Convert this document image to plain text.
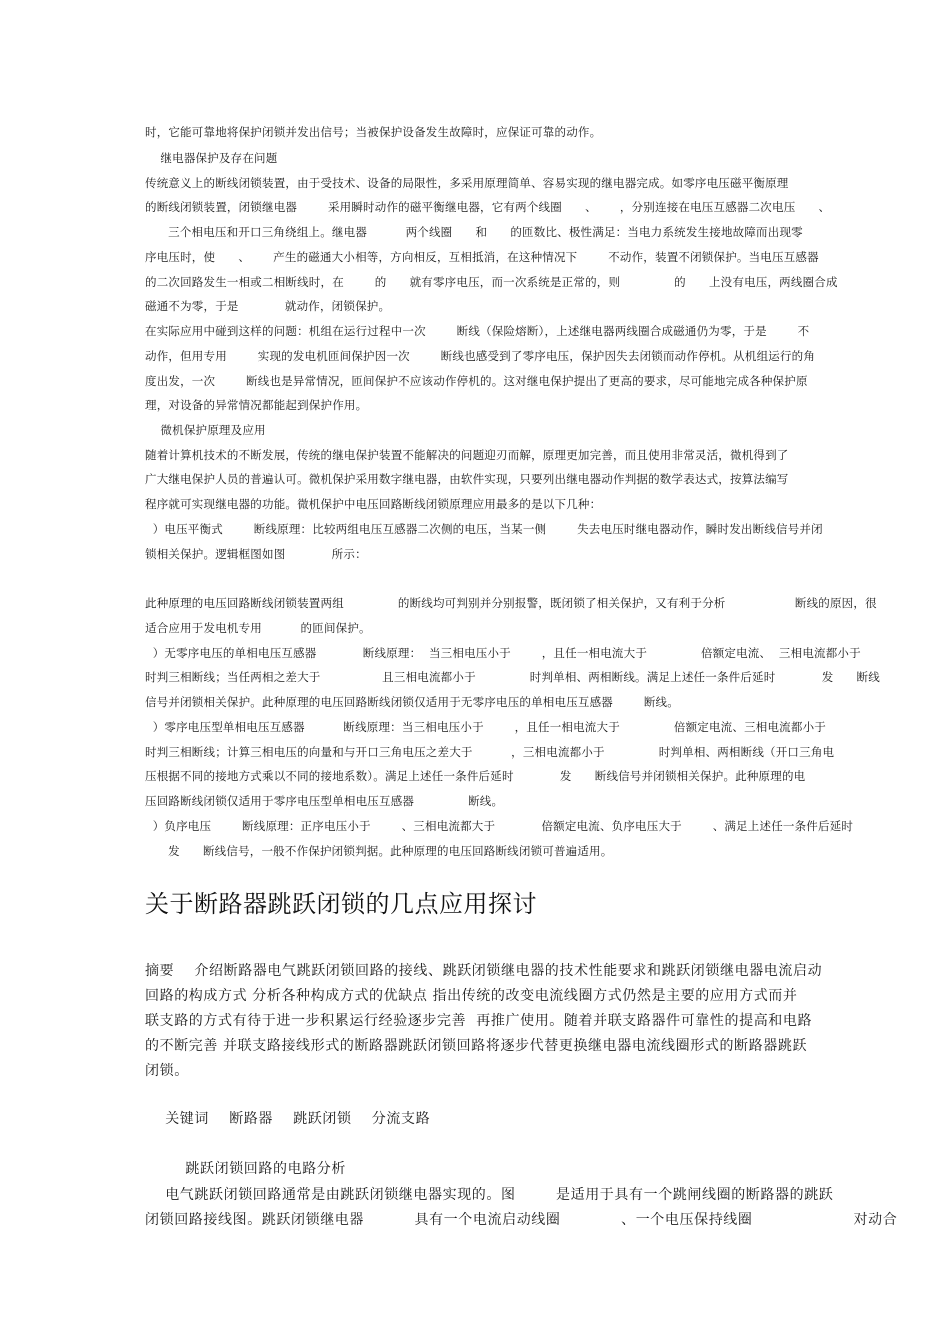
时，它能可靠地将保护闭锁并发出信号；当被保护设备发生故障时，应保证可靠的动作。
继电器保护及存在问题
传统意义上的断线闭锁装置，由于受技术、设备的局限性，多采用原理简单、容易实现的继电器完成。如零序电压磁平衡原理
的断线闭锁装置，闭锁继电器        采用瞬时动作的磁平衡继电器，它有两个线圈      、      ，分别连接在电压互感器二次电压      、
三个相电压和开口三角绕组上。继电器          两个线圈      和      的匝数比、极性满足：当电力系统发生接地故障而出现零
序电压时，使      、      产生的磁通大小相等，方向相反，互相抵消，在这种情况下        不动作，装置不闭锁保护。当电压互感器
的二次回路发生一相或二相断线时，在        的      就有零序电压，而一次系统是正常的，则              的      上没有电压，两线圈合成
磁通不为零，于是            就动作，闭锁保护。
在实际应用中碰到这样的问题：机组在运行过程中一次        断线（保险熔断），上述继电器两线圈合成磁通仍为零，于是        不
动作，但用专用        实现的发电机匝间保护因一次        断线也感受到了零序电压，保护因失去闭锁而动作停机。从机组运行的角
度出发，一次        断线也是异常情况，匝间保护不应该动作停机的。这对继电保护提出了更高的要求，尽可能地完成各种保护原
理，对设备的异常情况都能起到保护作用。
微机保护原理及应用
随着计算机技术的不断发展，传统的继电保护装置不能解决的问题迎刃而解，原理更加完善，而且使用非常灵活，微机得到了
广大继电保护人员的普遍认可。微机保护采用数字继电器，由软件实现，只要列出继电器动作判据的数学表达式，按算法编写
程序就可实现继电器的功能。微机保护中电压回路断线闭锁原理应用最多的是以下几种：
）电压平衡式        断线原理：比较两组电压互感器二次侧的电压，当某一侧        失去电压时继电器动作，瞬时发出断线信号并闭
锁相关保护。逻辑框图如图            所示：
此种原理的电压回路断线闭锁装置两组              的断线均可判别并分别报警，既闭锁了相关保护，又有利于分析                  断线的原因，很
适合应用于发电机专用          的匝间保护。
）无零序电压的单相电压互感器            断线原理：  当三相电压小于        ，且任一相电流大于              倍额定电流、  三相电流都小于
时判三相断线；当任两相之差大于                且三相电流都小于              时判单相、两相断线。满足上述任一条件后延时            发      断线
信号并闭锁相关保护。此种原理的电压回路断线闭锁仅适用于无零序电压的单相电压互感器        断线。
）零序电压型单相电压互感器          断线原理：当三相电压小于        ，且任一相电流大于              倍额定电流、三相电流都小于
时判三相断线；计算三相电压的向量和与开口三角电压之差大于          ，三相电流都小于              时判单相、两相断线（开口三角电
压根据不同的接地方式乘以不同的接地系数）。满足上述任一条件后延时            发      断线信号并闭锁相关保护。此种原理的电
压回路断线闭锁仅适用于零序电压型单相电压互感器              断线。
）负序电压        断线原理：正序电压小于        、三相电流都大于            倍额定电流、负序电压大于        、满足上述任一条件后延时
发      断线信号，一般不作保护闭锁判据。此种原理的电压回路断线闭锁可普遍适用。
关于断路器跳跃闭锁的几点应用探讨
摘要    介绍断路器电气跳跃闭锁回路的接线、跳跃闭锁继电器的技术性能要求和跳跃闭锁继电器电流启动
回路的构成方式 分析各种构成方式的优缺点 指出传统的改变电流线圈方式仍然是主要的应用方式而并
联支路的方式有待于进一步积累运行经验逐步完善  再推广使用。随着并联支路器件可靠性的提高和电路
的不断完善 并联支路接线形式的断路器跳跃闭锁回路将逐步代替更换继电器电流线圈形式的断路器跳跃
闭锁。
关键词    断路器    跳跃闭锁    分流支路
跳跃闭锁回路的电路分析
电气跳跃闭锁回路通常是由跳跃闭锁继电器实现的。图        是适用于具有一个跳闸线圈的断路器的跳跃
闭锁回路接线图。跳跃闭锁继电器          具有一个电流启动线圈            、一个电压保持线圈                    对动合
